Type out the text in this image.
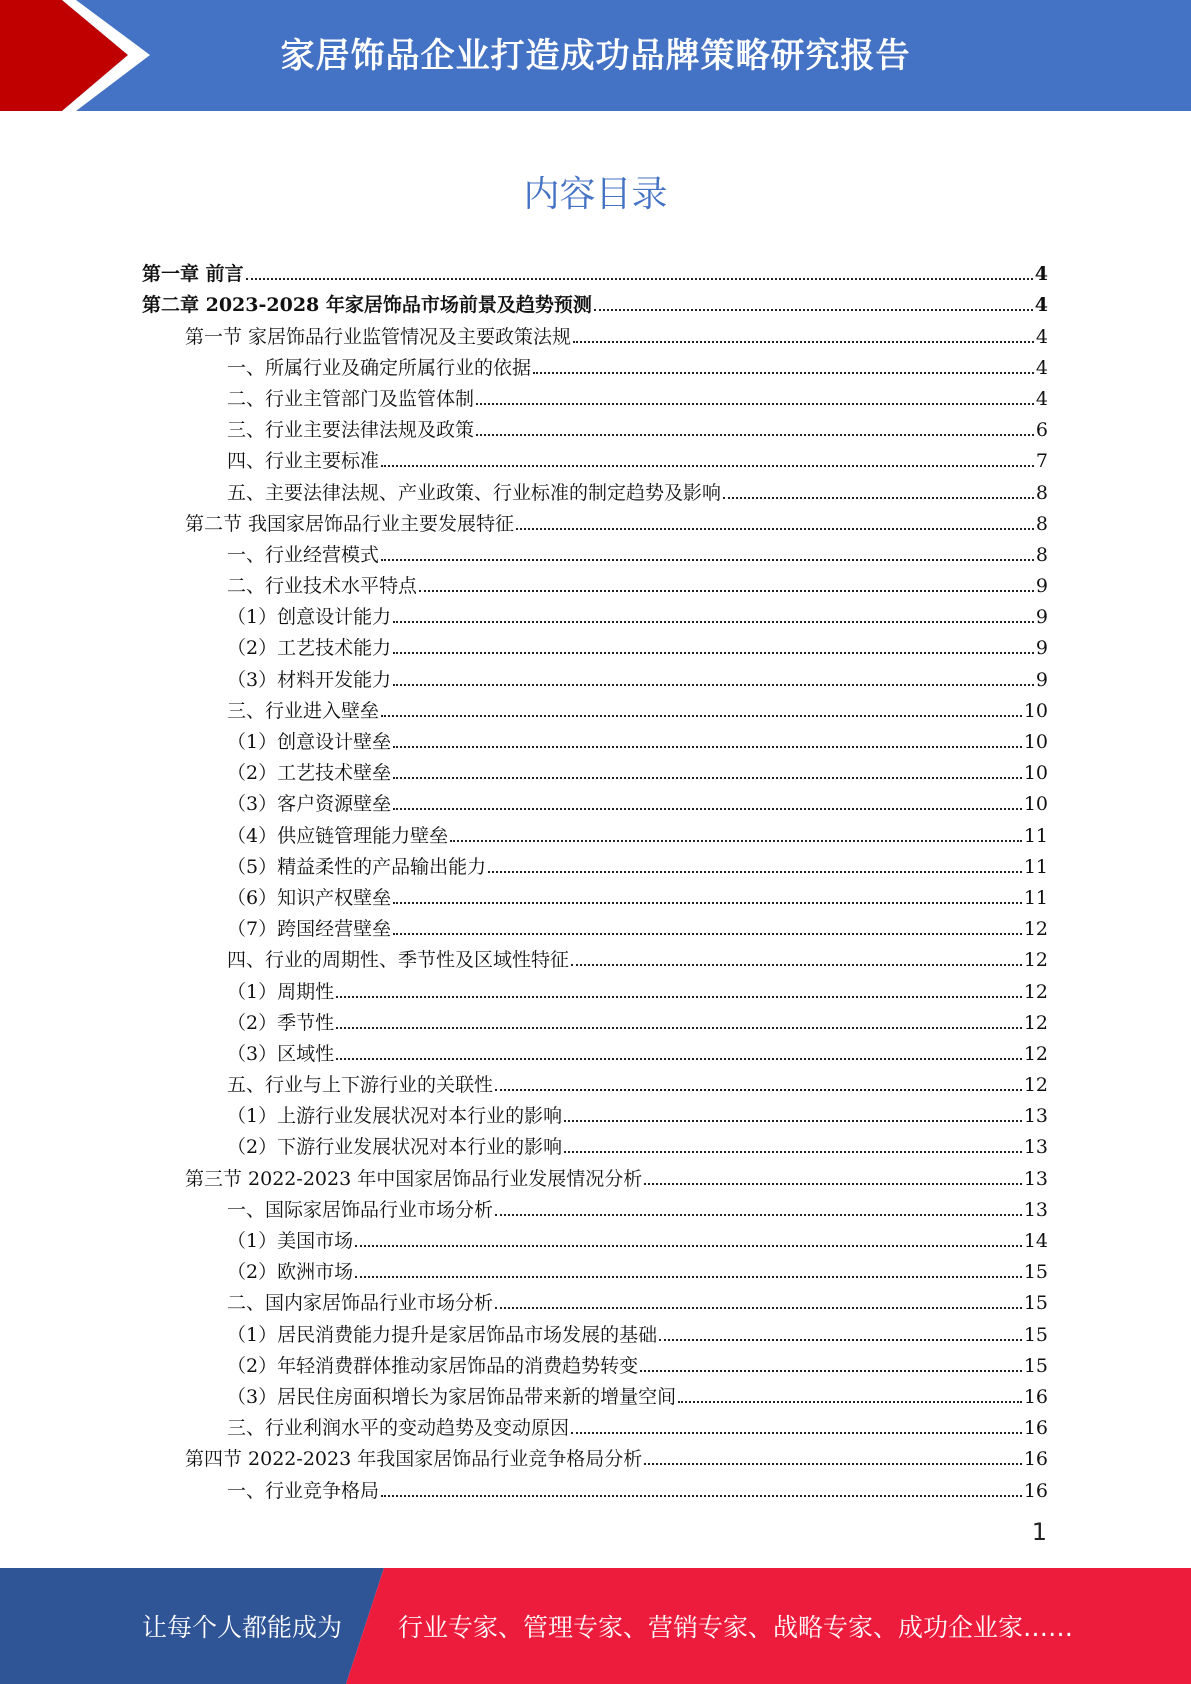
家居饰品企业打造成功品牌策略研究报告
内容目录
第一章 前言	4
第二章 2023-2028 年家居饰品市场前景及趋势预测	4
第一节 家居饰品行业监管情况及主要政策法规	4
一、所属行业及确定所属行业的依据	4
二、行业主管部门及监管体制	4
三、行业主要法律法规及政策	6
四、行业主要标准	7
五、主要法律法规、产业政策、行业标准的制定趋势及影响	8
第二节 我国家居饰品行业主要发展特征	8
一、行业经营模式	8
二、行业技术水平特点	9
（1）创意设计能力	9
（2）工艺技术能力	9
（3）材料开发能力	9
三、行业进入壁垒	10
（1）创意设计壁垒	10
（2）工艺技术壁垒	10
（3）客户资源壁垒	10
（4）供应链管理能力壁垒	11
（5）精益柔性的产品输出能力	11
（6）知识产权壁垒	11
（7）跨国经营壁垒	12
四、行业的周期性、季节性及区域性特征	12
（1）周期性	12
（2）季节性	12
（3）区域性	12
五、行业与上下游行业的关联性	12
（1）上游行业发展状况对本行业的影响	13
（2）下游行业发展状况对本行业的影响	13
第三节 2022-2023 年中国家居饰品行业发展情况分析	13
一、国际家居饰品行业市场分析	13
（1）美国市场	14
（2）欧洲市场	15
二、国内家居饰品行业市场分析	15
（1）居民消费能力提升是家居饰品市场发展的基础	15
（2）年轻消费群体推动家居饰品的消费趋势转变	15
（3）居民住房面积增长为家居饰品带来新的增量空间	16
三、行业利润水平的变动趋势及变动原因	16
第四节 2022-2023 年我国家居饰品行业竞争格局分析	16
一、行业竞争格局	16
1
让每个人都能成为 行业专家、管理专家、营销专家、战略专家、成功企业家……
